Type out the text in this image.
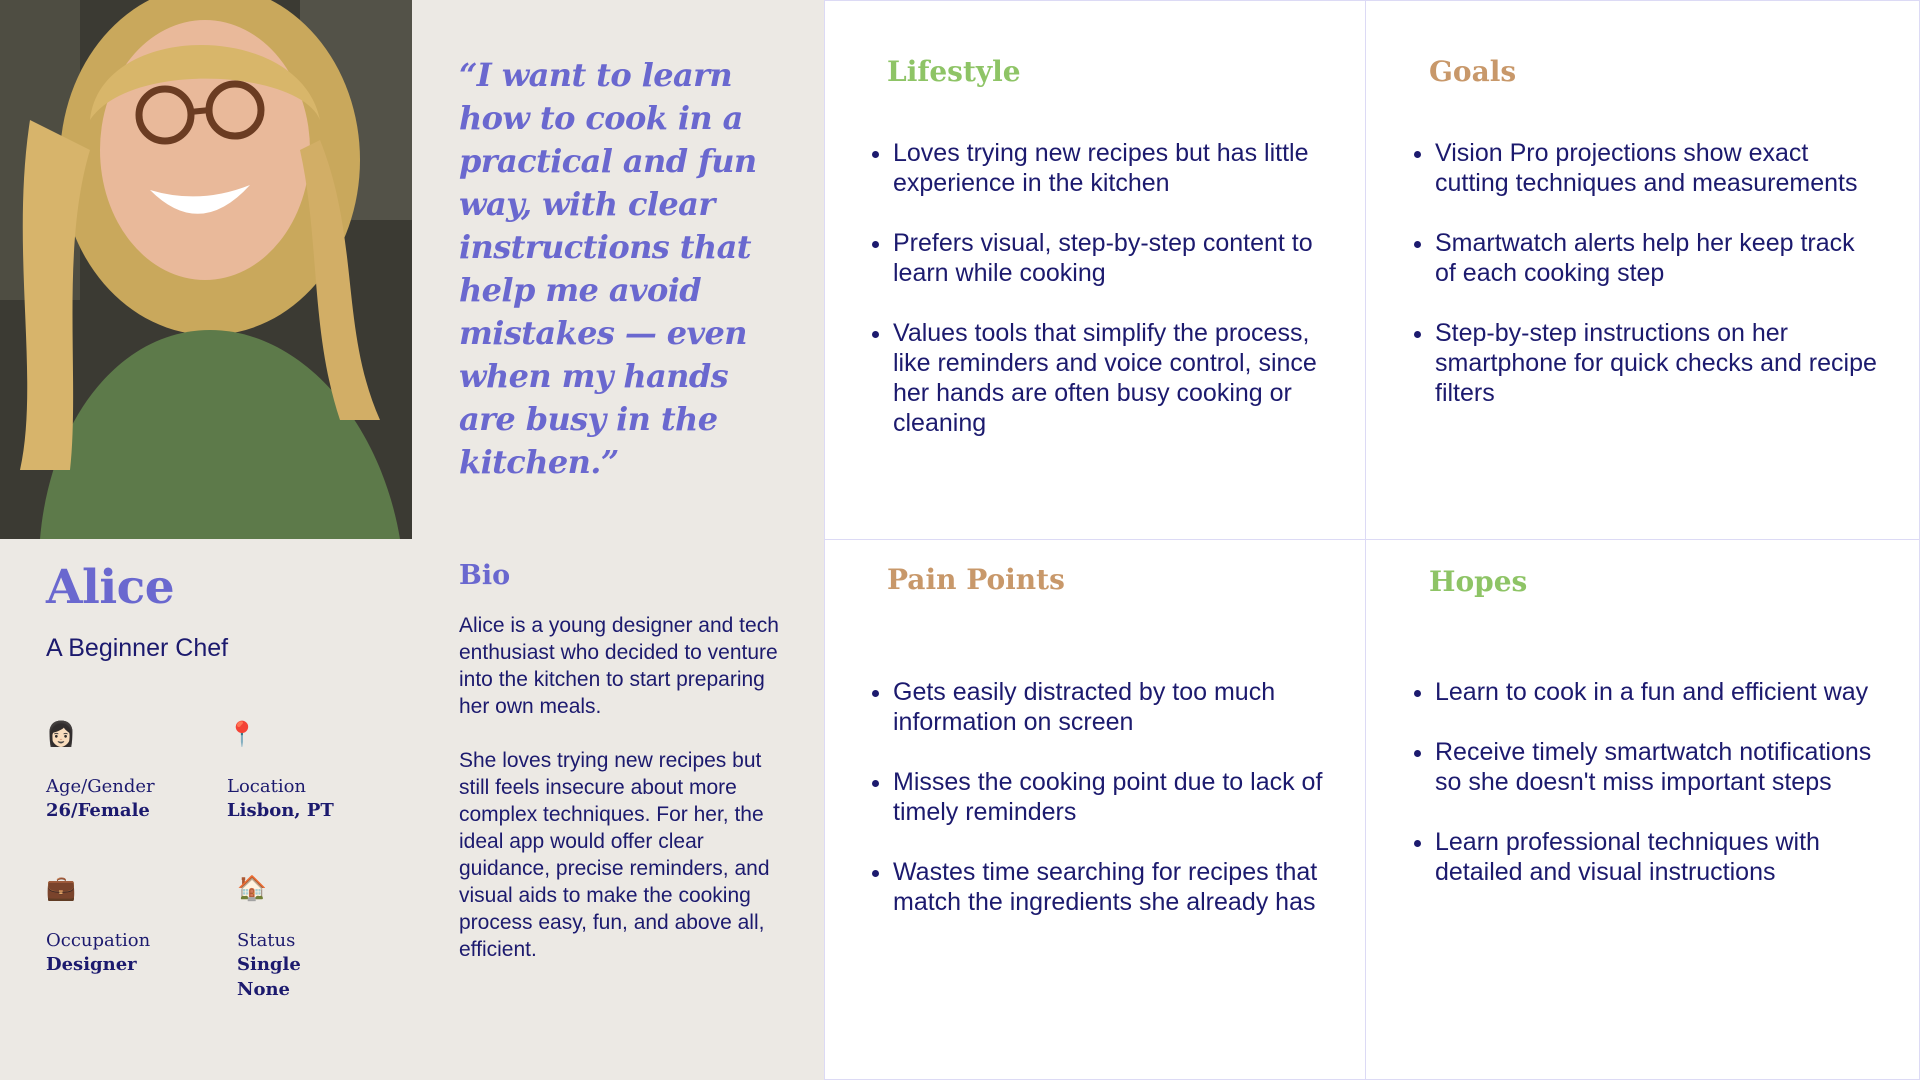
Alice
A Beginner Chef
👩🏻
Age/Gender
26/Female
📍
Location
Lisbon, PT
💼
Occupation
Designer
🏠
Status
Single
None
“I want to learn how to cook in a practical and fun way, with clear instructions that help me avoid mistakes — even when my hands are busy in the kitchen.”
Bio

Alice is a young designer and tech enthusiast who decided to venture into the kitchen to start preparing her own meals.

She loves trying new recipes but still feels insecure about more complex techniques. For her, the ideal app would offer clear guidance, precise reminders, and visual aids to make the cooking process easy, fun, and above all, efficient.

Lifestyle
• Loves trying new recipes but has little experience in the kitchen
• Prefers visual, step-by-step content to learn while cooking
• Values tools that simplify the process, like reminders and voice control, since her hands are often busy cooking or cleaning
Goals
• Vision Pro projections show exact cutting techniques and measurements
• Smartwatch alerts help her keep track of each cooking step
• Step-by-step instructions on her smartphone for quick checks and recipe filters
Pain Points
• Gets easily distracted by too much information on screen
• Misses the cooking point due to lack of timely reminders
• Wastes time searching for recipes that match the ingredients she already has
Hopes
• Learn to cook in a fun and efficient way
• Receive timely smartwatch notifications so she doesn't miss important steps
• Learn professional techniques with detailed and visual instructions
